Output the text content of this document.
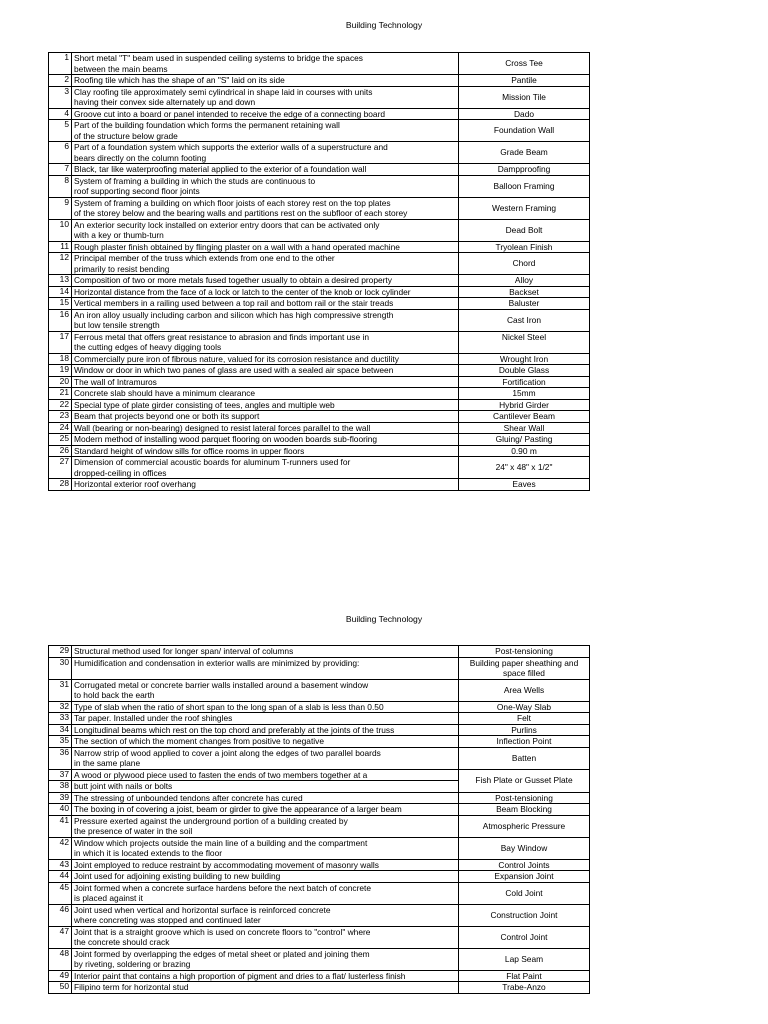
Building Technology
1	Short metal "T" beam used in suspended ceiling systems to bridge the spaces
between the main beams	Cross Tee
2	Roofing tile which has the shape of an "S" laid on its side	Pantile
3	Clay roofing tile approximately semi cylindrical in shape laid in courses with units
having their convex side alternately up and down	Mission Tile
4	Groove cut into a board or panel intended to receive the edge of a connecting board	Dado
5	Part of the building foundation which forms the permanent retaining wall
of the structure below grade	Foundation Wall
6	Part of a foundation system which supports the exterior walls of a superstructure and
bears directly on the column footing	Grade Beam
7	Black, tar like waterproofing material applied to the exterior of a foundation wall	Dampproofing
8	System of framing a building in which the studs are continuous to
roof supporting second floor joints	Balloon Framing
9	System of framing a building on which floor joists of each storey rest on the top plates
of the storey below and the bearing walls and partitions rest on the subfloor of each storey	Western Framing
10	An exterior security lock installed on exterior entry doors that can be activated only
with a key or thumb-turn	Dead Bolt
11	Rough plaster finish obtained by flinging plaster on a wall with a hand operated machine	Tryolean Finish
12	Principal member of the truss which extends from one end to the other
primarily to resist bending	Chord
13	Composition of two or more metals fused together usually to obtain a desired property	Alloy
14	Horizontal distance from the face of a lock or latch to the center of the knob or lock cylinder	Backset
15	Vertical members in a railing used between a top rail and bottom rail or the stair treads	Baluster
16	An iron alloy usually including carbon and silicon which has high compressive strength
but low tensile strength	Cast Iron
17	Ferrous metal that offers great resistance to abrasion and finds important use in
the cutting edges of heavy digging tools	Nickel Steel
18	Commercially pure iron of fibrous nature, valued for its corrosion resistance and ductility	Wrought Iron
19	Window or door in which two panes of glass are used with a sealed air space between	Double Glass
20	The wall of Intramuros	Fortification
21	Concrete slab should have a minimum clearance	15mm
22	Special type of plate girder consisting of tees, angles and multiple web	Hybrid Girder
23	Beam that projects beyond one or both its support	Cantilever Beam
24	Wall (bearing or non-bearing) designed to resist lateral forces parallel to the wall	Shear Wall
25	Modern method of installing wood parquet flooring on wooden boards sub-flooring	Gluing/ Pasting
26	Standard height of window sills for office rooms in upper floors	0.90 m
27	Dimension of commercial acoustic boards for aluminum T-runners used for
dropped-ceiling in offices	24" x 48" x 1/2"
28	Horizontal exterior roof overhang	Eaves
Building Technology
29	Structural method used for longer span/ interval of columns	Post-tensioning
30	Humidification and condensation in exterior walls are minimized by providing:	Building paper sheathing and space filled
31	Corrugated metal or concrete barrier walls installed around a basement window
to hold back the earth	Area Wells
32	Type of slab when the ratio of short span to the long span of a slab is less than 0.50	One-Way Slab
33	Tar paper. Installed under the roof shingles	Felt
34	Longitudinal beams which rest on the top chord and preferably at the joints of the truss	Purlins
35	The section of which the moment changes from positive to negative	Inflection Point
36	Narrow strip of wood applied to cover a joint along the edges of two parallel boards
in the same plane	Batten
37	A wood or plywood piece used to fasten the ends of two members together at a	Fish Plate or Gusset Plate
38	butt joint with nails or bolts	

39	The stressing of unbounded tendons after concrete has cured	Post-tensioning
40	The boxing in of covering a joist, beam or girder to give the appearance of a larger beam	Beam Blocking
41	Pressure exerted against the underground portion of a building created by
the presence of water in the soil	Atmospheric Pressure
42	Window which projects outside the main line of a building and the compartment
in which it is located extends to the floor	Bay Window
43	Joint employed to reduce restraint by accommodating movement of masonry walls	Control Joints
44	Joint used for adjoining existing building to new building	Expansion Joint
45	Joint formed when a concrete surface hardens before the next batch of concrete
is placed against it	Cold Joint
46	Joint used when vertical and horizontal surface is reinforced concrete
where concreting was stopped and continued later	Construction Joint
47	Joint that is a straight groove which is used on concrete floors to "control" where
the concrete should crack	Control Joint
48	Joint formed by overlapping the edges of metal sheet or plated and joining them
by riveting, soldering or brazing	Lap Seam
49	Interior paint that contains a high proportion of pigment and dries to a flat/ lusterless finish	Flat Paint
50	Filipino term for horizontal stud	Trabe-Anzo
